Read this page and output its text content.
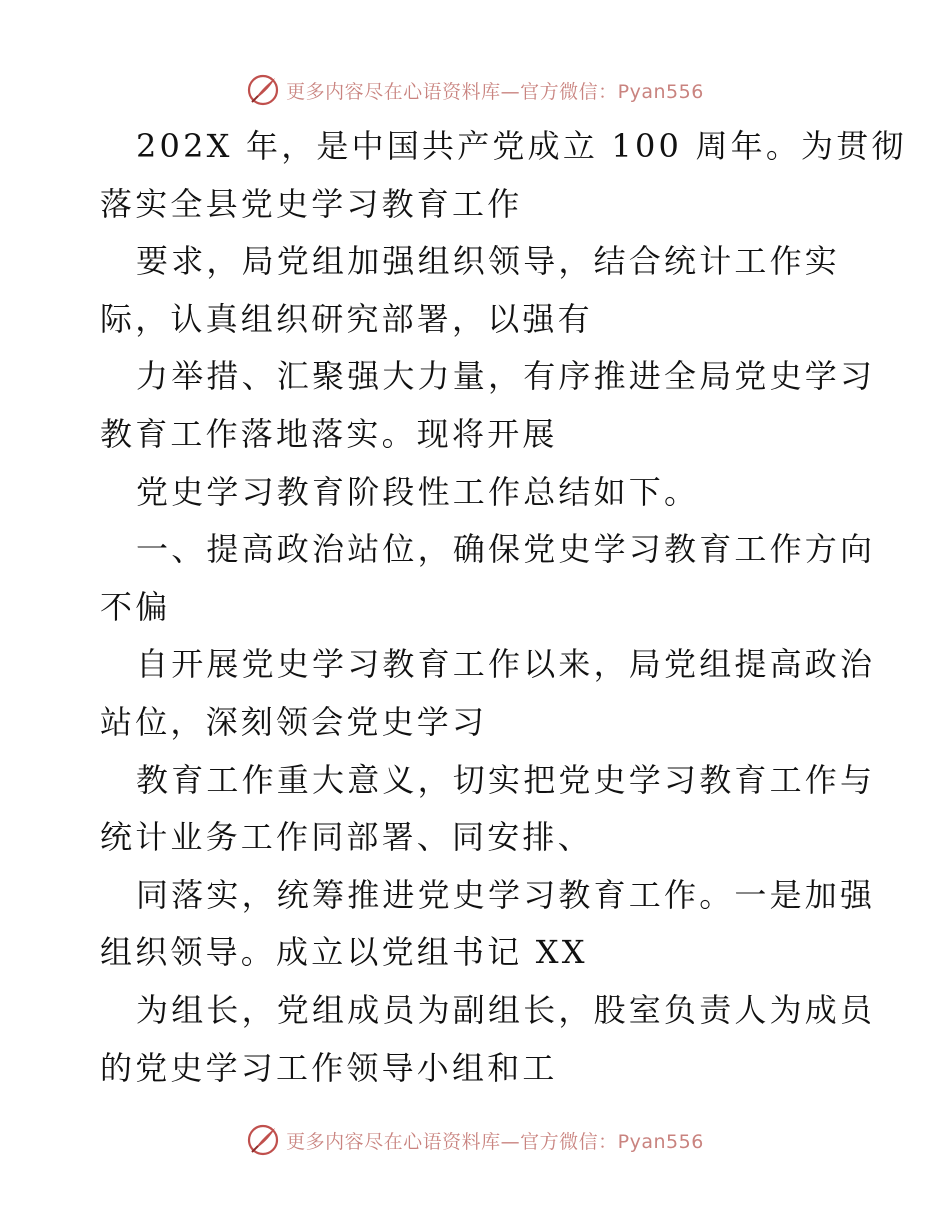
更多内容尽在心语资料库—官方微信：Pyan556
202X 年，是中国共产党成立 100 周年。为贯彻
落实全县党史学习教育工作
要求，局党组加强组织领导，结合统计工作实
际，认真组织研究部署，以强有
力举措、汇聚强大力量，有序推进全局党史学习
教育工作落地落实。现将开展
党史学习教育阶段性工作总结如下。
一、提高政治站位，确保党史学习教育工作方向
不偏
自开展党史学习教育工作以来，局党组提高政治
站位，深刻领会党史学习
教育工作重大意义，切实把党史学习教育工作与
统计业务工作同部署、同安排、
同落实，统筹推进党史学习教育工作。一是加强
组织领导。成立以党组书记 XX
为组长，党组成员为副组长，股室负责人为成员
的党史学习工作领导小组和工
更多内容尽在心语资料库—官方微信：Pyan556
